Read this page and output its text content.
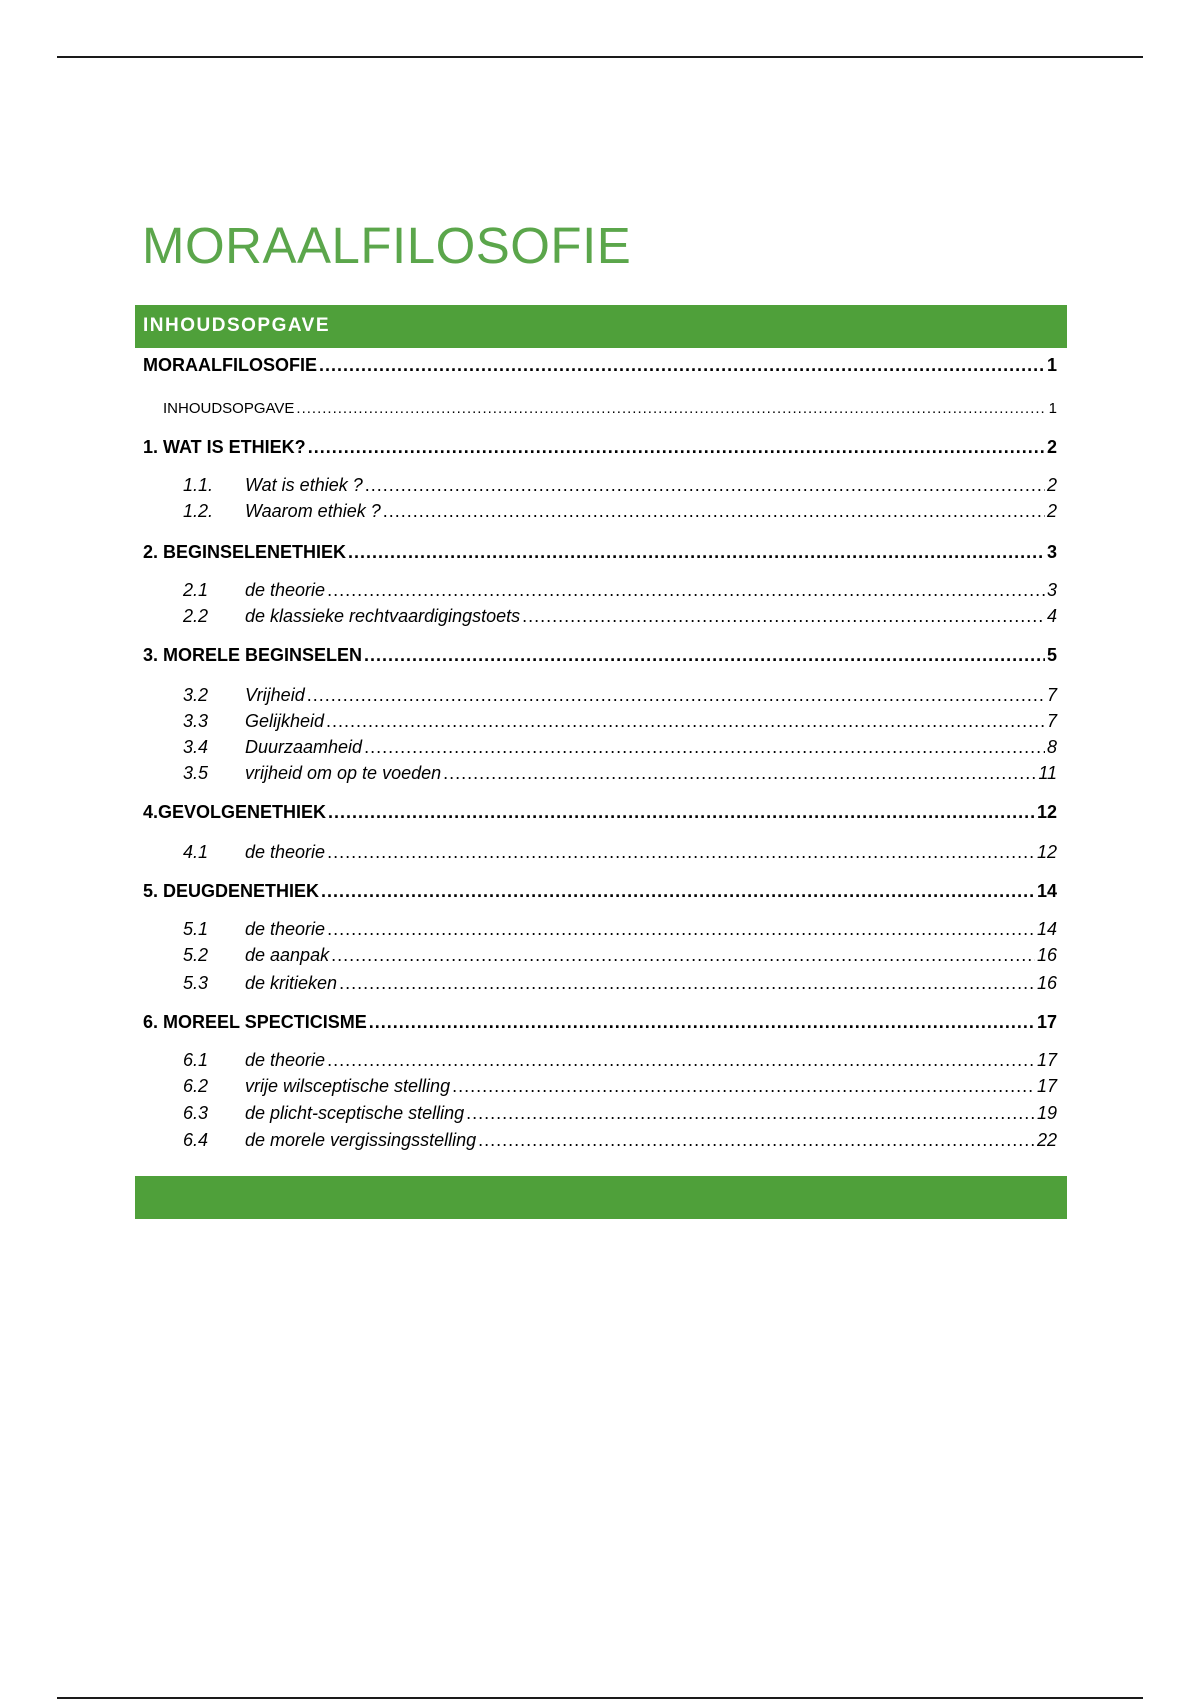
MORAALFILOSOFIE
INHOUDSOPGAVE
MORAALFILOSOFIE .....	1
INHOUDSOPGAVE .....	1
1. WAT IS ETHIEK? .....	2
1.1.	Wat is ethiek ? .....	2
1.2.	Waarom ethiek ? .....	2
2. BEGINSELENETHIEK .....	3
2.1	de theorie .....	3
2.2	de klassieke rechtvaardigingstoets .....	4
3. MORELE BEGINSELEN .....	5
3.2	Vrijheid .....	7
3.3	Gelijkheid .....	7
3.4	Duurzaamheid .....	8
3.5	vrijheid om op te voeden .....	11
4.GEVOLGENETHIEK .....	12
4.1	de theorie .....	12
5. DEUGDENETHIEK .....	14
5.1	de theorie .....	14
5.2	de aanpak .....	16
5.3	de kritieken .....	16
6. MOREEL SPECTICISME .....	17
6.1	de theorie .....	17
6.2	vrije wilsceptische stelling .....	17
6.3	de plicht-sceptische stelling .....	19
6.4	de morele vergissingsstelling .....	22
